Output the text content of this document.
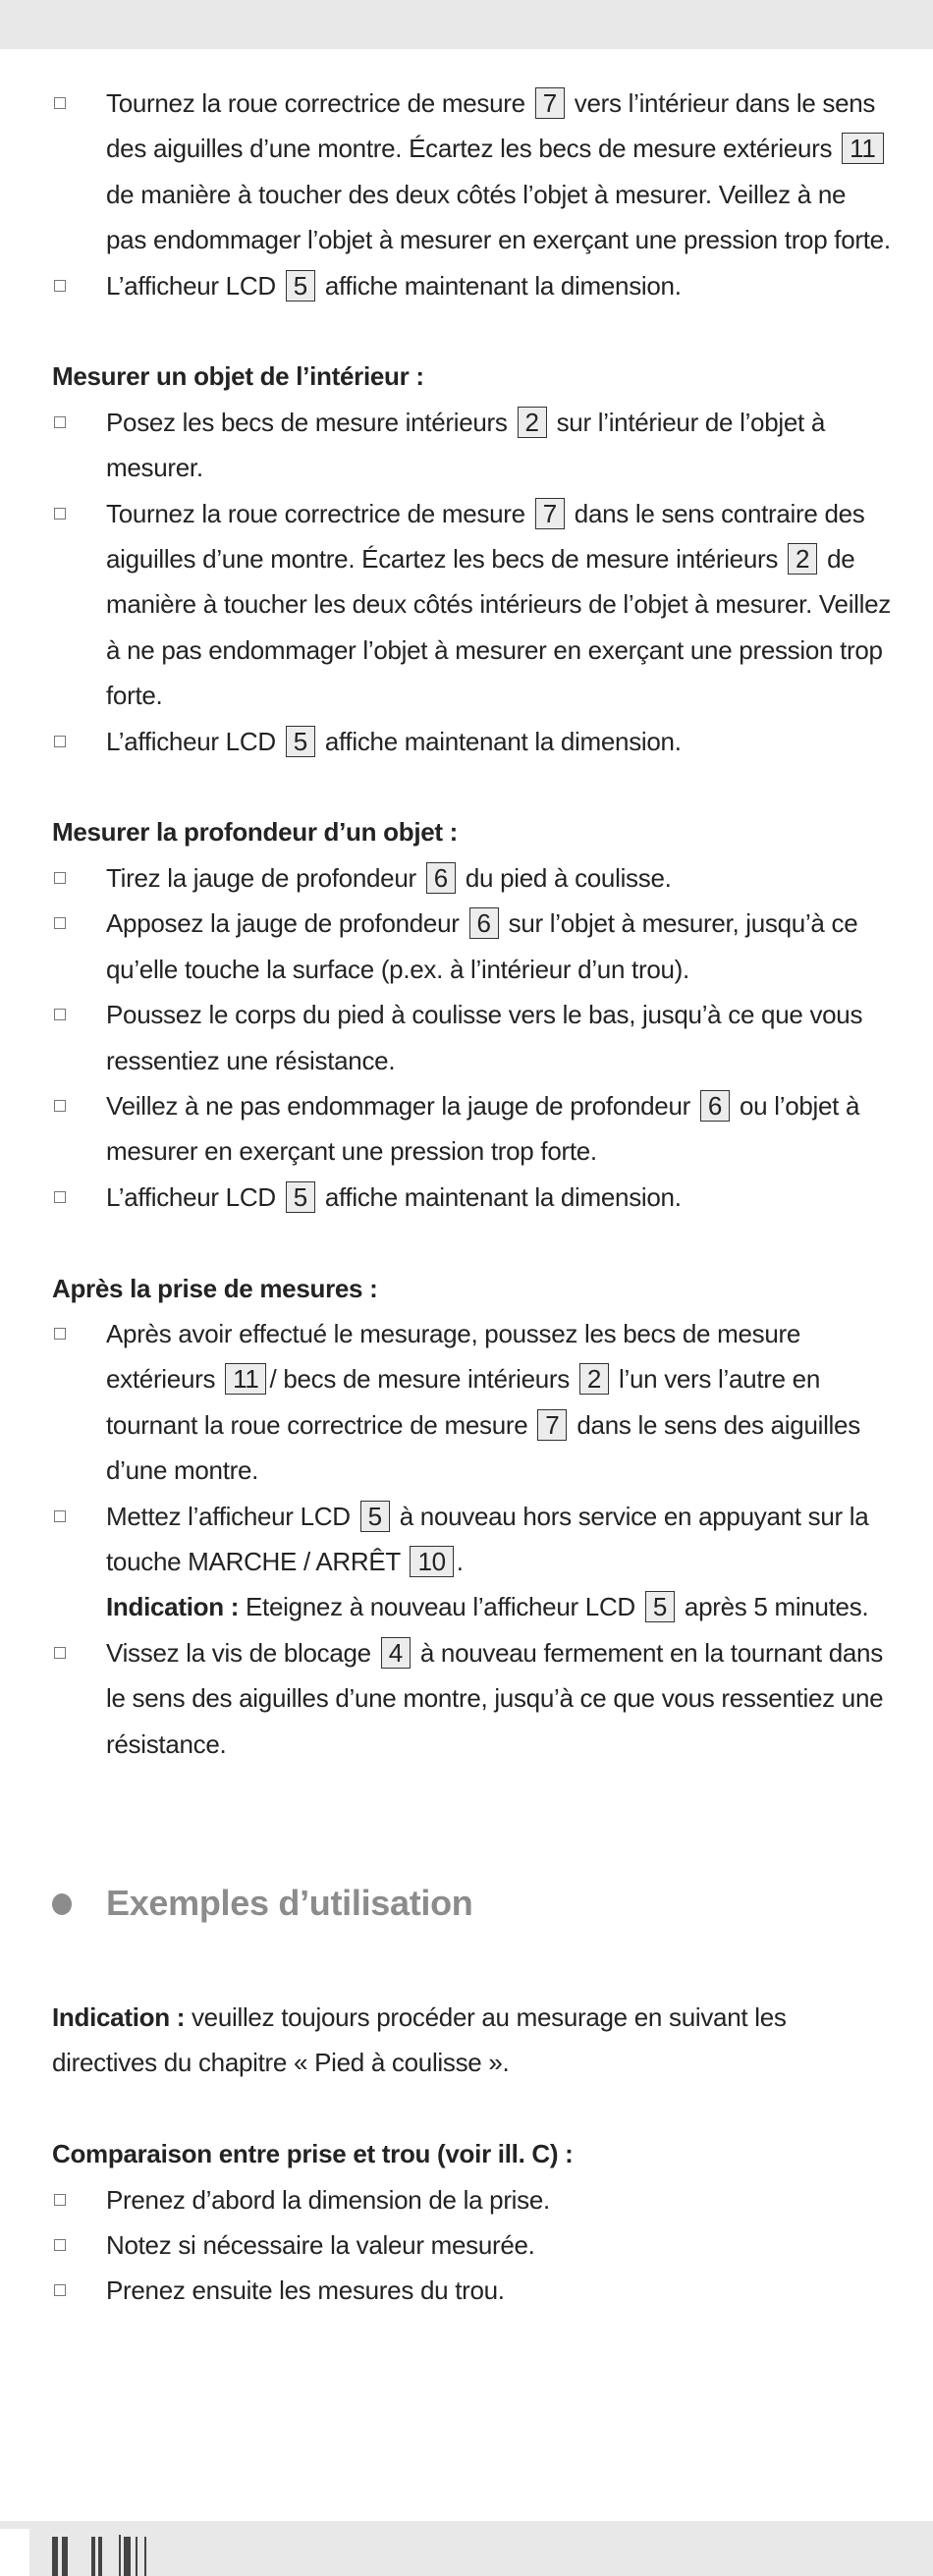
Tournez la roue correctrice de mesure 7 vers l’intérieur dans le sens des aiguilles d’une montre. Écartez les becs de mesure extérieurs 11 de manière à toucher des deux côtés l’objet à mesurer. Veillez à ne pas endommager l’objet à mesurer en exerçant une pression trop forte.
L’afficheur LCD 5 affiche maintenant la dimension.
Mesurer un objet de l’intérieur :
Posez les becs de mesure intérieurs 2 sur l’intérieur de l’objet à mesurer.
Tournez la roue correctrice de mesure 7 dans le sens contraire des aiguilles d’une montre. Écartez les becs de mesure intérieurs 2 de manière à toucher les deux côtés intérieurs de l’objet à mesurer. Veillez à ne pas endommager l’objet à mesurer en exerçant une pression trop forte.
L’afficheur LCD 5 affiche maintenant la dimension.
Mesurer la profondeur d’un objet :
Tirez la jauge de profondeur 6 du pied à coulisse.
Apposez la jauge de profondeur 6 sur l’objet à mesurer, jusqu’à ce qu’elle touche la surface (p.ex. à l’intérieur d’un trou).
Poussez le corps du pied à coulisse vers le bas, jusqu’à ce que vous ressentiez une résistance.
Veillez à ne pas endommager la jauge de profondeur 6 ou l’objet à mesurer en exerçant une pression trop forte.
L’afficheur LCD 5 affiche maintenant la dimension.
Après la prise de mesures :
Après avoir effectué le mesurage, poussez les becs de mesure extérieurs 11 / becs de mesure intérieurs 2 l’un vers l’autre en tournant la roue correctrice de mesure 7 dans le sens des aiguilles d’une montre.
Mettez l’afficheur LCD 5 à nouveau hors service en appuyant sur la touche MARCHE / ARRÊT 10 .
Indication : Eteignez à nouveau l’afficheur LCD 5 après 5 minutes.
Vissez la vis de blocage 4 à nouveau fermement en la tournant dans le sens des aiguilles d’une montre, jusqu’à ce que vous ressentiez une résistance.
Exemples d’utilisation
Indication : veuillez toujours procéder au mesurage en suivant les directives du chapitre « Pied à coulisse ».
Comparaison entre prise et trou (voir ill. C) :
Prenez d’abord la dimension de la prise.
Notez si nécessaire la valeur mesurée.
Prenez ensuite les mesures du trou.
